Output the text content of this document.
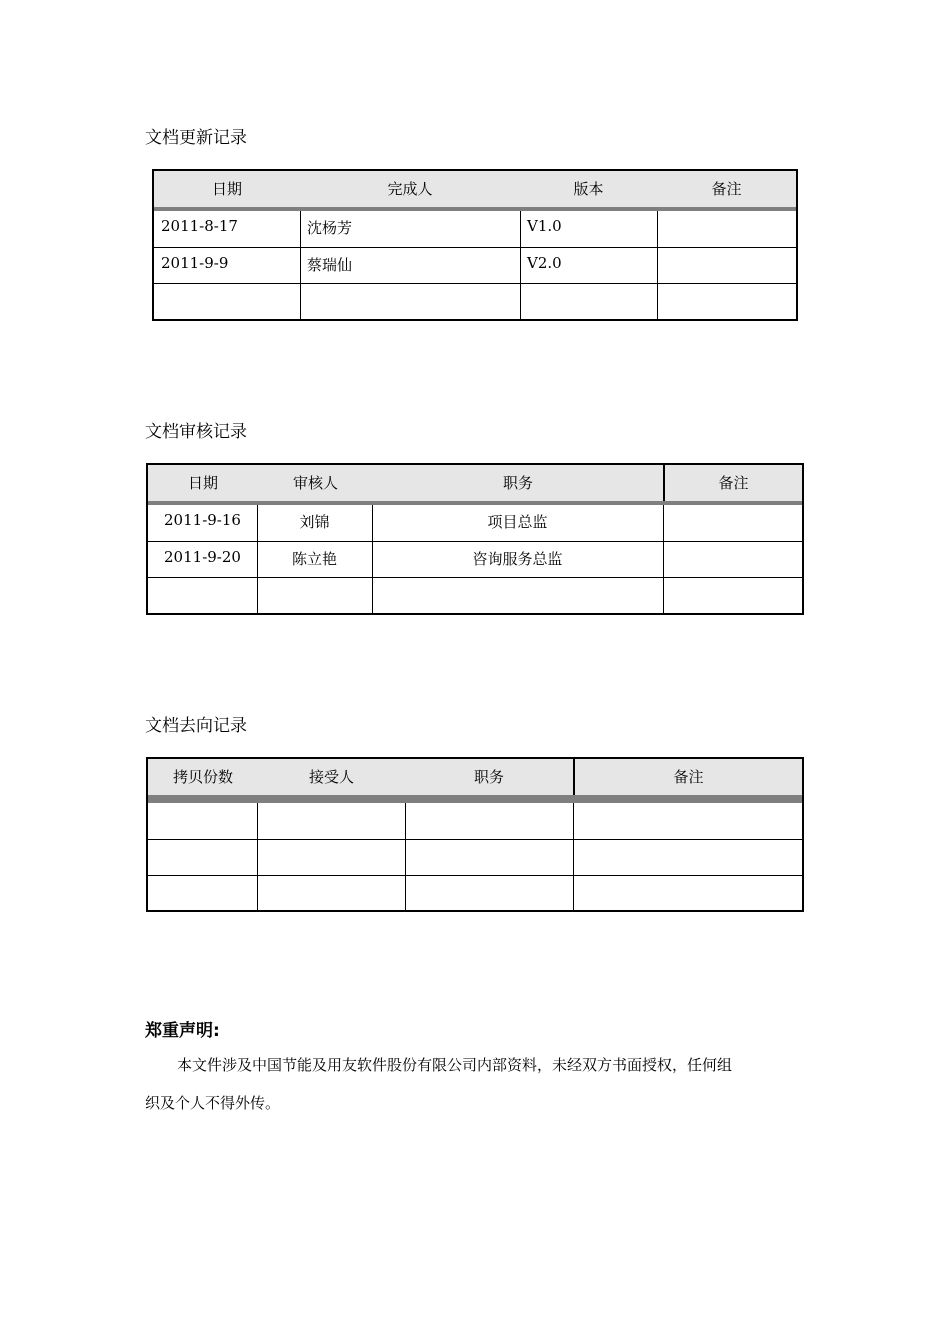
文档更新记录
日期	完成人	版本	备注
2011-8-17	沈杨芳	V1.0
2011-9-9	蔡瑞仙	V2.0
文档审核记录
日期	审核人	职务	备注
2011-9-16	刘锦	项目总监
2011-9-20	陈立艳	咨询服务总监
文档去向记录
拷贝份数	接受人	职务	备注
郑重声明:
本文件涉及中国节能及用友软件股份有限公司内部资料，未经双方书面授权，任何组
织及个人不得外传。
